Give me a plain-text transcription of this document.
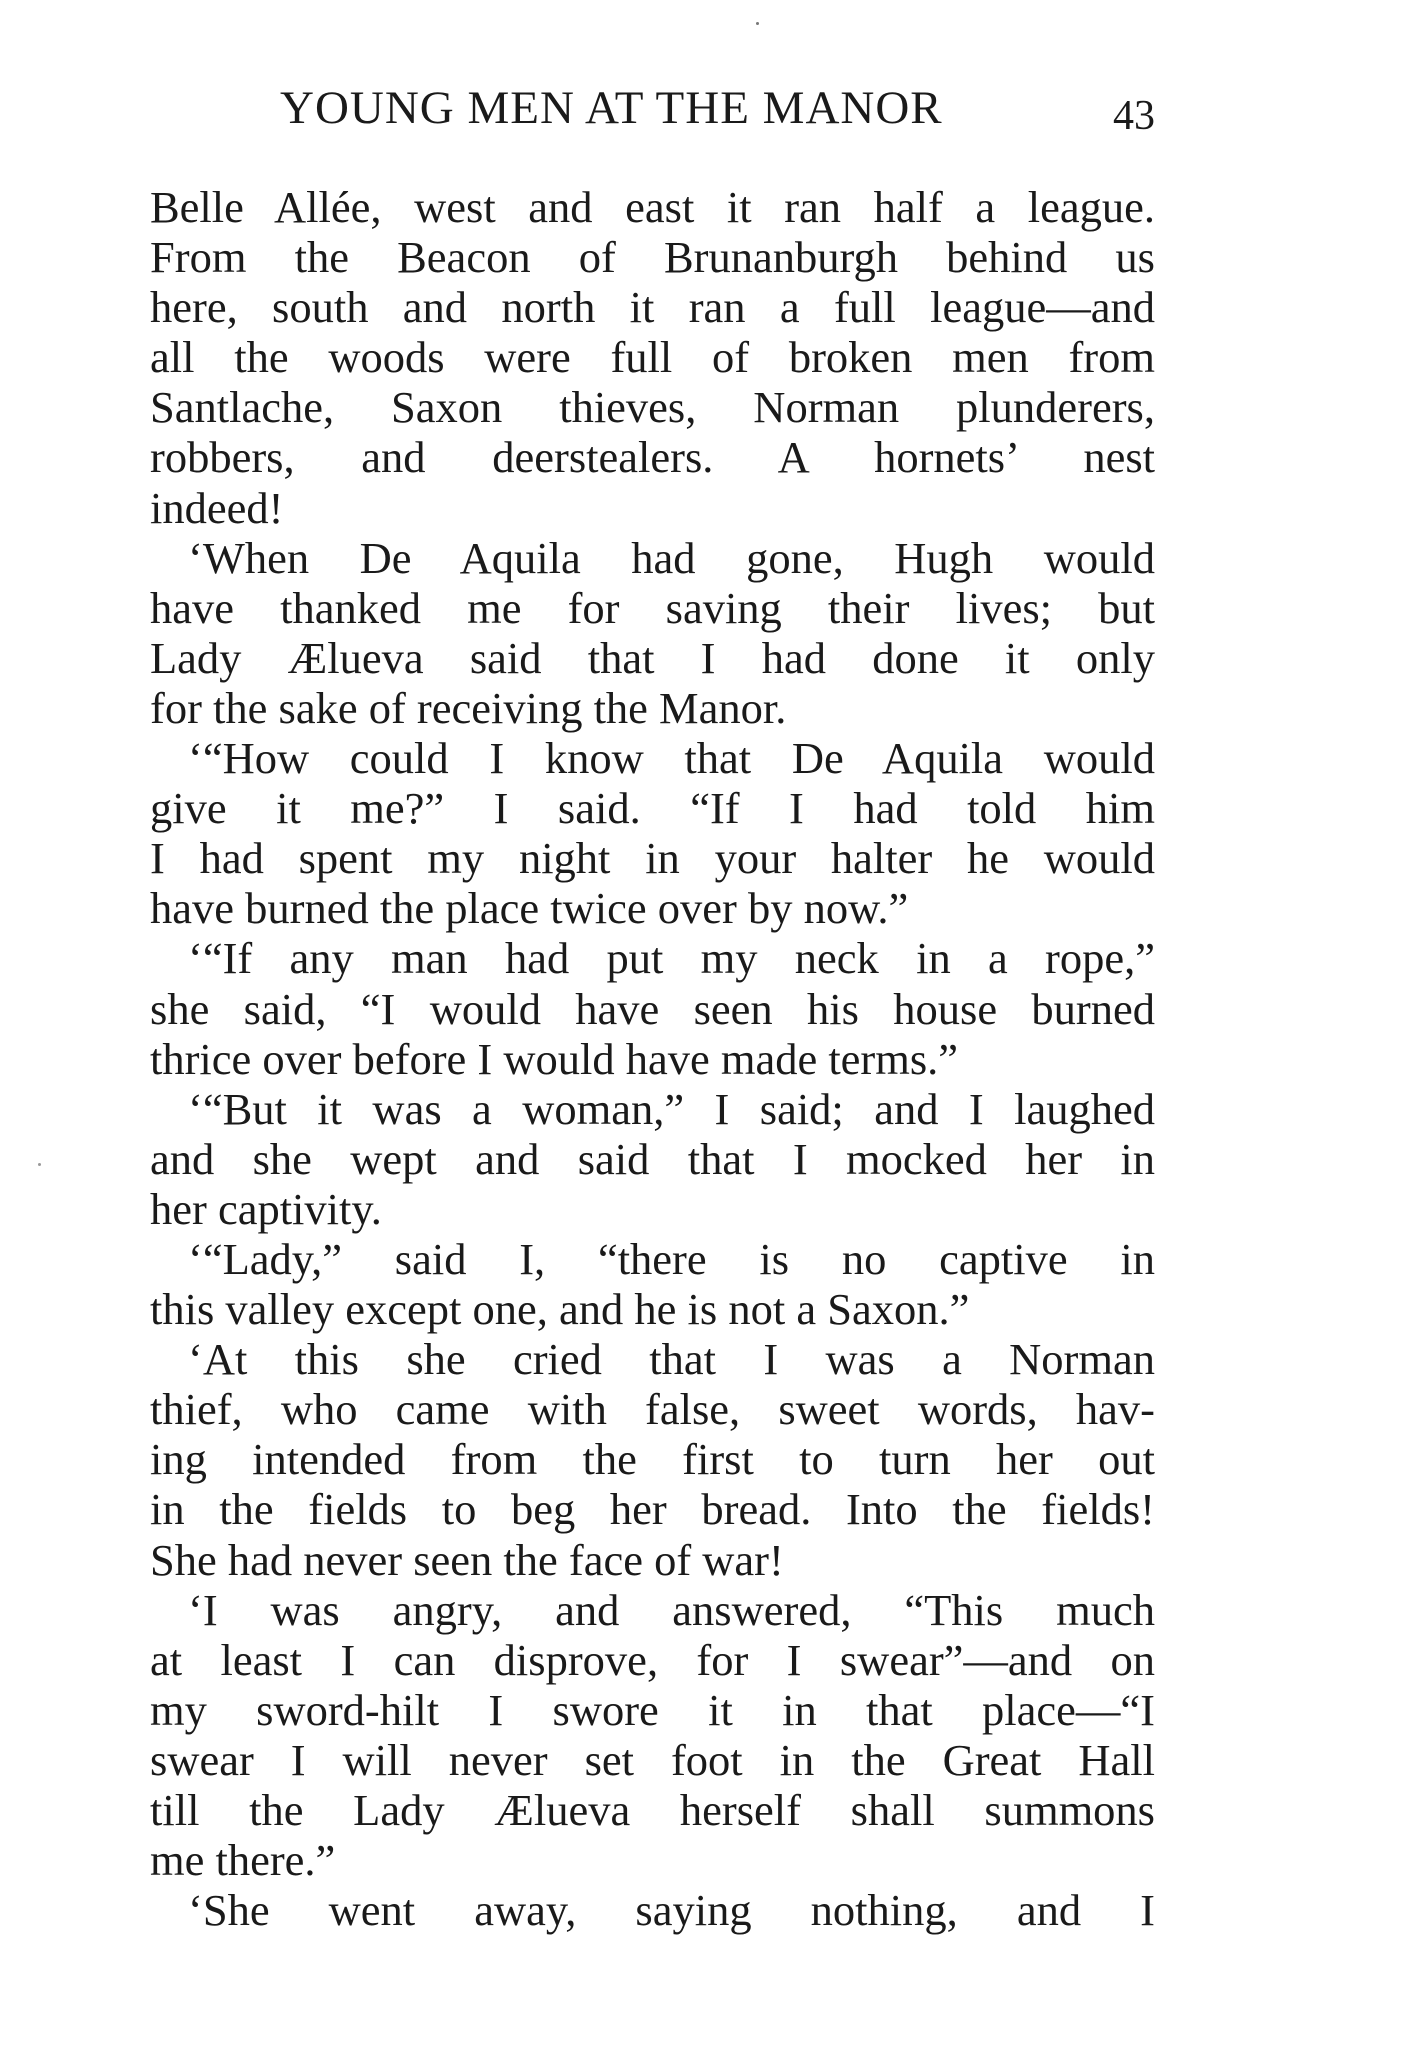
YOUNG MEN AT THE MANOR	43
Belle Allée, west and east it ran half a league.
From the Beacon of Brunanburgh behind us
here, south and north it ran a full league—and
all the woods were full of broken men from
Santlache, Saxon thieves, Norman plunderers,
robbers, and deerstealers. A hornets’ nest
indeed!
‘When De Aquila had gone, Hugh would
have thanked me for saving their lives; but
Lady Ælueva said that I had done it only
for the sake of receiving the Manor.
‘“How could I know that De Aquila would
give it me?” I said. “If I had told him
I had spent my night in your halter he would
have burned the place twice over by now.”
‘“If any man had put my neck in a rope,”
she said, “I would have seen his house burned
thrice over before I would have made terms.”
‘“But it was a woman,” I said; and I laughed
and she wept and said that I mocked her in
her captivity.
‘“Lady,” said I, “there is no captive in
this valley except one, and he is not a Saxon.”
‘At this she cried that I was a Norman
thief, who came with false, sweet words, hav-
ing intended from the first to turn her out
in the fields to beg her bread. Into the fields!
She had never seen the face of war!
‘I was angry, and answered, “This much
at least I can disprove, for I swear”—and on
my sword-hilt I swore it in that place—“I
swear I will never set foot in the Great Hall
till the Lady Ælueva herself shall summons
me there.”
‘She went away, saying nothing, and I
